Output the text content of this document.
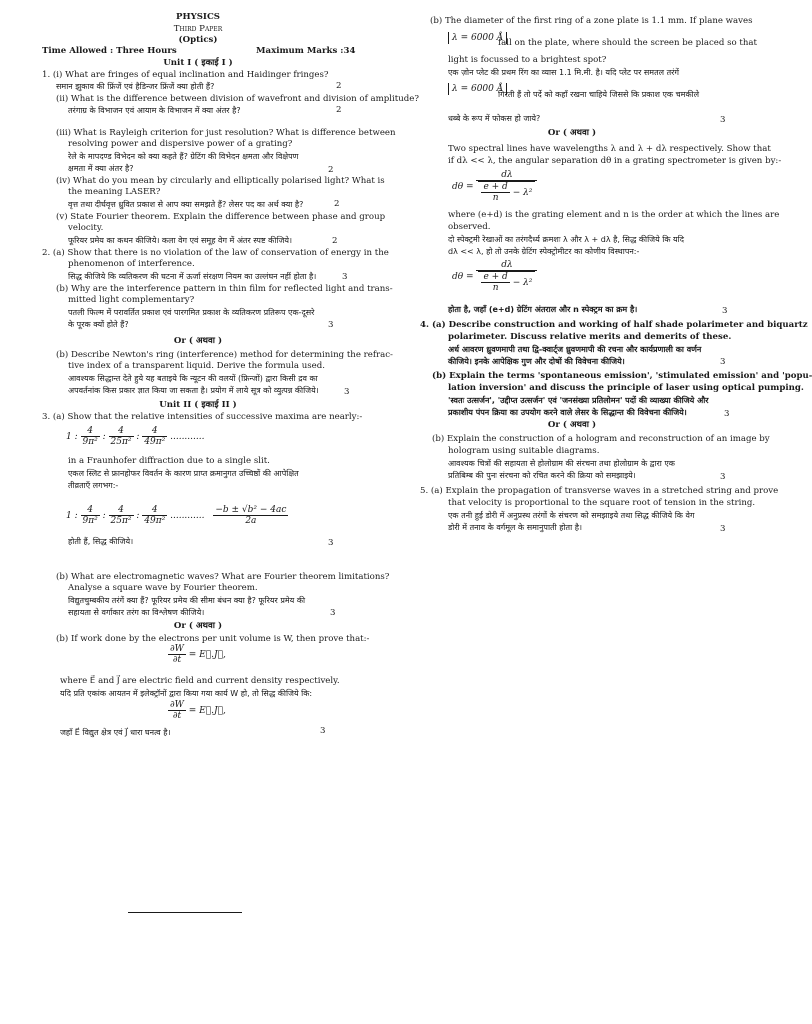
PHYSICS
Third Paper
(Optics)
Time Allowed : Three Hours	Maximum Marks :34
Unit I ( इकाई I )
1. (i) What are fringes of equal inclination and Haidinger fringes?
समान झुकाव की फ्रिंजें एवं हैडिन्जर फ्रिंजें क्या होती हैं?	2
(ii) What is the difference between division of wavefront and division of amplitude?
तरंगाग्र के विभाजन एवं आयाम के विभाजन में क्या अंतर है?	2
(iii) What is Rayleigh criterion for just resolution? What is difference between
resolving power and dispersive power of a grating?
रेले के मापदण्ड विभेदन को क्या कहते हैं? ग्रेटिंग की विभेदन क्षमता और विक्षेपण
क्षमता में क्या अंतर है?	2
(iv) What do you mean by circularly and elliptically polarised light? What is
the meaning LASER?
वृत्त तथा दीर्घवृत्त ध्रुवित प्रकाश से आप क्या समझते हैं? लेसर पद का अर्थ क्या है?	2
(v) State Fourier theorem. Explain the difference between phase and group
velocity.
फूरियर प्रमेय का कथन कीजिये। कला वेग एवं समूह वेग में अंतर स्पष्ट कीजिये।	2
2. (a) Show that there is no violation of the law of conservation of energy in the
phenomenon of interference.
सिद्ध कीजिये कि व्यतिकरण की घटना में ऊर्जा संरक्षण नियम का उल्लंघन नहीं होता है।	3
(b) Why are the interference pattern in thin film for reflected light and trans-
mitted light complementary?
पतली फिल्म में परावर्तित प्रकाश एवं पारगमित प्रकाश के व्यतिकरण प्रतिरूप एक-दूसरे
के पूरक क्यों होते हैं?	3
Or ( अथवा )
(b) Describe Newton's ring (interference) method for determining the refrac-
tive index of a transparent liquid. Derive the formula used.
आवश्यक सिद्धान्त देते हुये यह बताइये कि न्यूटन की वलयों (फ्रिन्जों) द्वारा किसी द्रव का
अपवर्तनांक किस प्रकार ज्ञात किया जा सकता है। प्रयोग में लाये सूत्र को व्युत्पन्न कीजिये।	3
Unit II ( इकाई II )
3. (a) Show that the relative intensities of successive maxima are nearly:-
1 : $\frac{4}{\text{9π²}}$ : $\frac{4}{\text{25π²}}$ : $\frac{4}{\text{49π²}}$ ............
in a Fraunhofer diffraction due to a single slit.
एकल स्लिट से फ्रानहोफर विवर्तन के कारण प्राप्त क्रमानुगत उच्चिष्ठों की आपेक्षित
तीव्रताएँ लगभग:-
1 : $\frac{4}{\text{9π²}}$ : $\frac{4}{\text{25π²}}$ : $\frac{4}{\text{49π²}}$ ............ $\frac{\text{−b ± √b² − 4ac}}{2a}$
होती हैं, सिद्ध कीजिये।	3
(b) What are electromagnetic waves? What are Fourier theorem limitations?
Analyse a square wave by Fourier theorem.
विद्युतचुम्बकीय तरंगें क्या हैं? फूरियर प्रमेय की सीमा बंधन क्या है? फूरियर प्रमेय की
सहायता से वर्गाकार तरंग का विश्लेषण कीजिये।	3
Or ( अथवा )
(b) If work done by the electrons per unit volume is W, then prove that:-
$\frac{\partial W}{\partial t}$ = E⃗.J⃗,
where E⃗ and J⃗ are electric field and current density respectively.
यदि प्रति एकांक आयतन में इलेक्ट्रॉनों द्वारा किया गया कार्य W हो, तो सिद्ध कीजिये कि:
$\frac{\partial W}{\partial t}$ = E⃗.J⃗,
जहाँ E⃗ विद्युत क्षेत्र एवं J⃗ धारा घनत्व है।	3
(b) The diameter of the first ring of a zone plate is 1.1 mm. If plane waves
λ = 6000 Å
fall on the plate, where should the screen be placed so that
light is focussed to a brightest spot?
एक ज़ोन प्लेट की प्रथम रिंग का व्यास 1.1 मि.मी. है। यदि प्लेट पर समतल तरंगें
λ = 6000 Å
गिरती हैं तो पर्दे को कहाँ रखना चाहिये जिससे कि प्रकाश एक चमकीले
धब्बे के रूप में फोकस हो जाये?	3
Or ( अथवा )
Two spectral lines have wavelengths λ and λ + dλ respectively. Show that
if dλ << λ, the angular separation dθ in a grating spectrometer is given by:-
$d\theta = \frac{d\lambda}{\frac{e + d}{n} - \lambda^2}$
where (e+d) is the grating element and n is the order at which the lines are
observed.
दो स्पेक्ट्रमी रेखाओं का तरंगदैर्ध्य क्रमशः λ और λ + dλ है, सिद्ध कीजिये कि यदि
dλ << λ, हो तो उनके ग्रेटिंग स्पेक्ट्रोमीटर का कोणीय विस्थापन:-
$d\theta = \frac{d\lambda}{\frac{e + d}{n} - \lambda^2}$
होता है, जहाँ (e+d) ग्रेटिंग अंतराल और n स्पेक्ट्रम का क्रम है।	3
4. (a) Describe construction and working of half shade polarimeter and biquartz
polarimeter. Discuss relative merits and demerits of these.
अर्ध आवरण ध्रुवणमापी तथा द्वि-क्वार्ट्ज ध्रुवणमापी की रचना और कार्यप्रणाली का वर्णन
कीजिये। इनके आपेक्षिक गुण और दोषों की विवेचना कीजिये।	3
(b) Explain the terms 'spontaneous emission', 'stimulated emission' and 'popu-
lation inversion' and discuss the principle of laser using optical pumping.
'स्वतः उत्सर्जन', 'उद्दीप्त उत्सर्जन' एवं 'जनसंख्या प्रतिलोमन' पदों की व्याख्या कीजिये और
प्रकाशीय पंपन क्रिया का उपयोग करने वाले लेसर के सिद्धान्त की विवेचना कीजिये।	3
Or ( अथवा )
(b) Explain the construction of a hologram and reconstruction of an image by
hologram using suitable diagrams.
आवश्यक चित्रों की सहायता से होलोग्राम की संरचना तथा होलोग्राम के द्वारा एक
प्रतिबिम्ब की पुनः संरचना को रचित करने की क्रिया को समझाइये।	3
5. (a) Explain the propagation of transverse waves in a stretched string and prove
that velocity is proportional to the square root of tension in the string.
एक तनी हुई डोरी में अनुप्रस्थ तरंगों के संचरण को समझाइये तथा सिद्ध कीजिये कि वेग
डोरी में तनाव के वर्गमूल के समानुपाती होता है।	3
